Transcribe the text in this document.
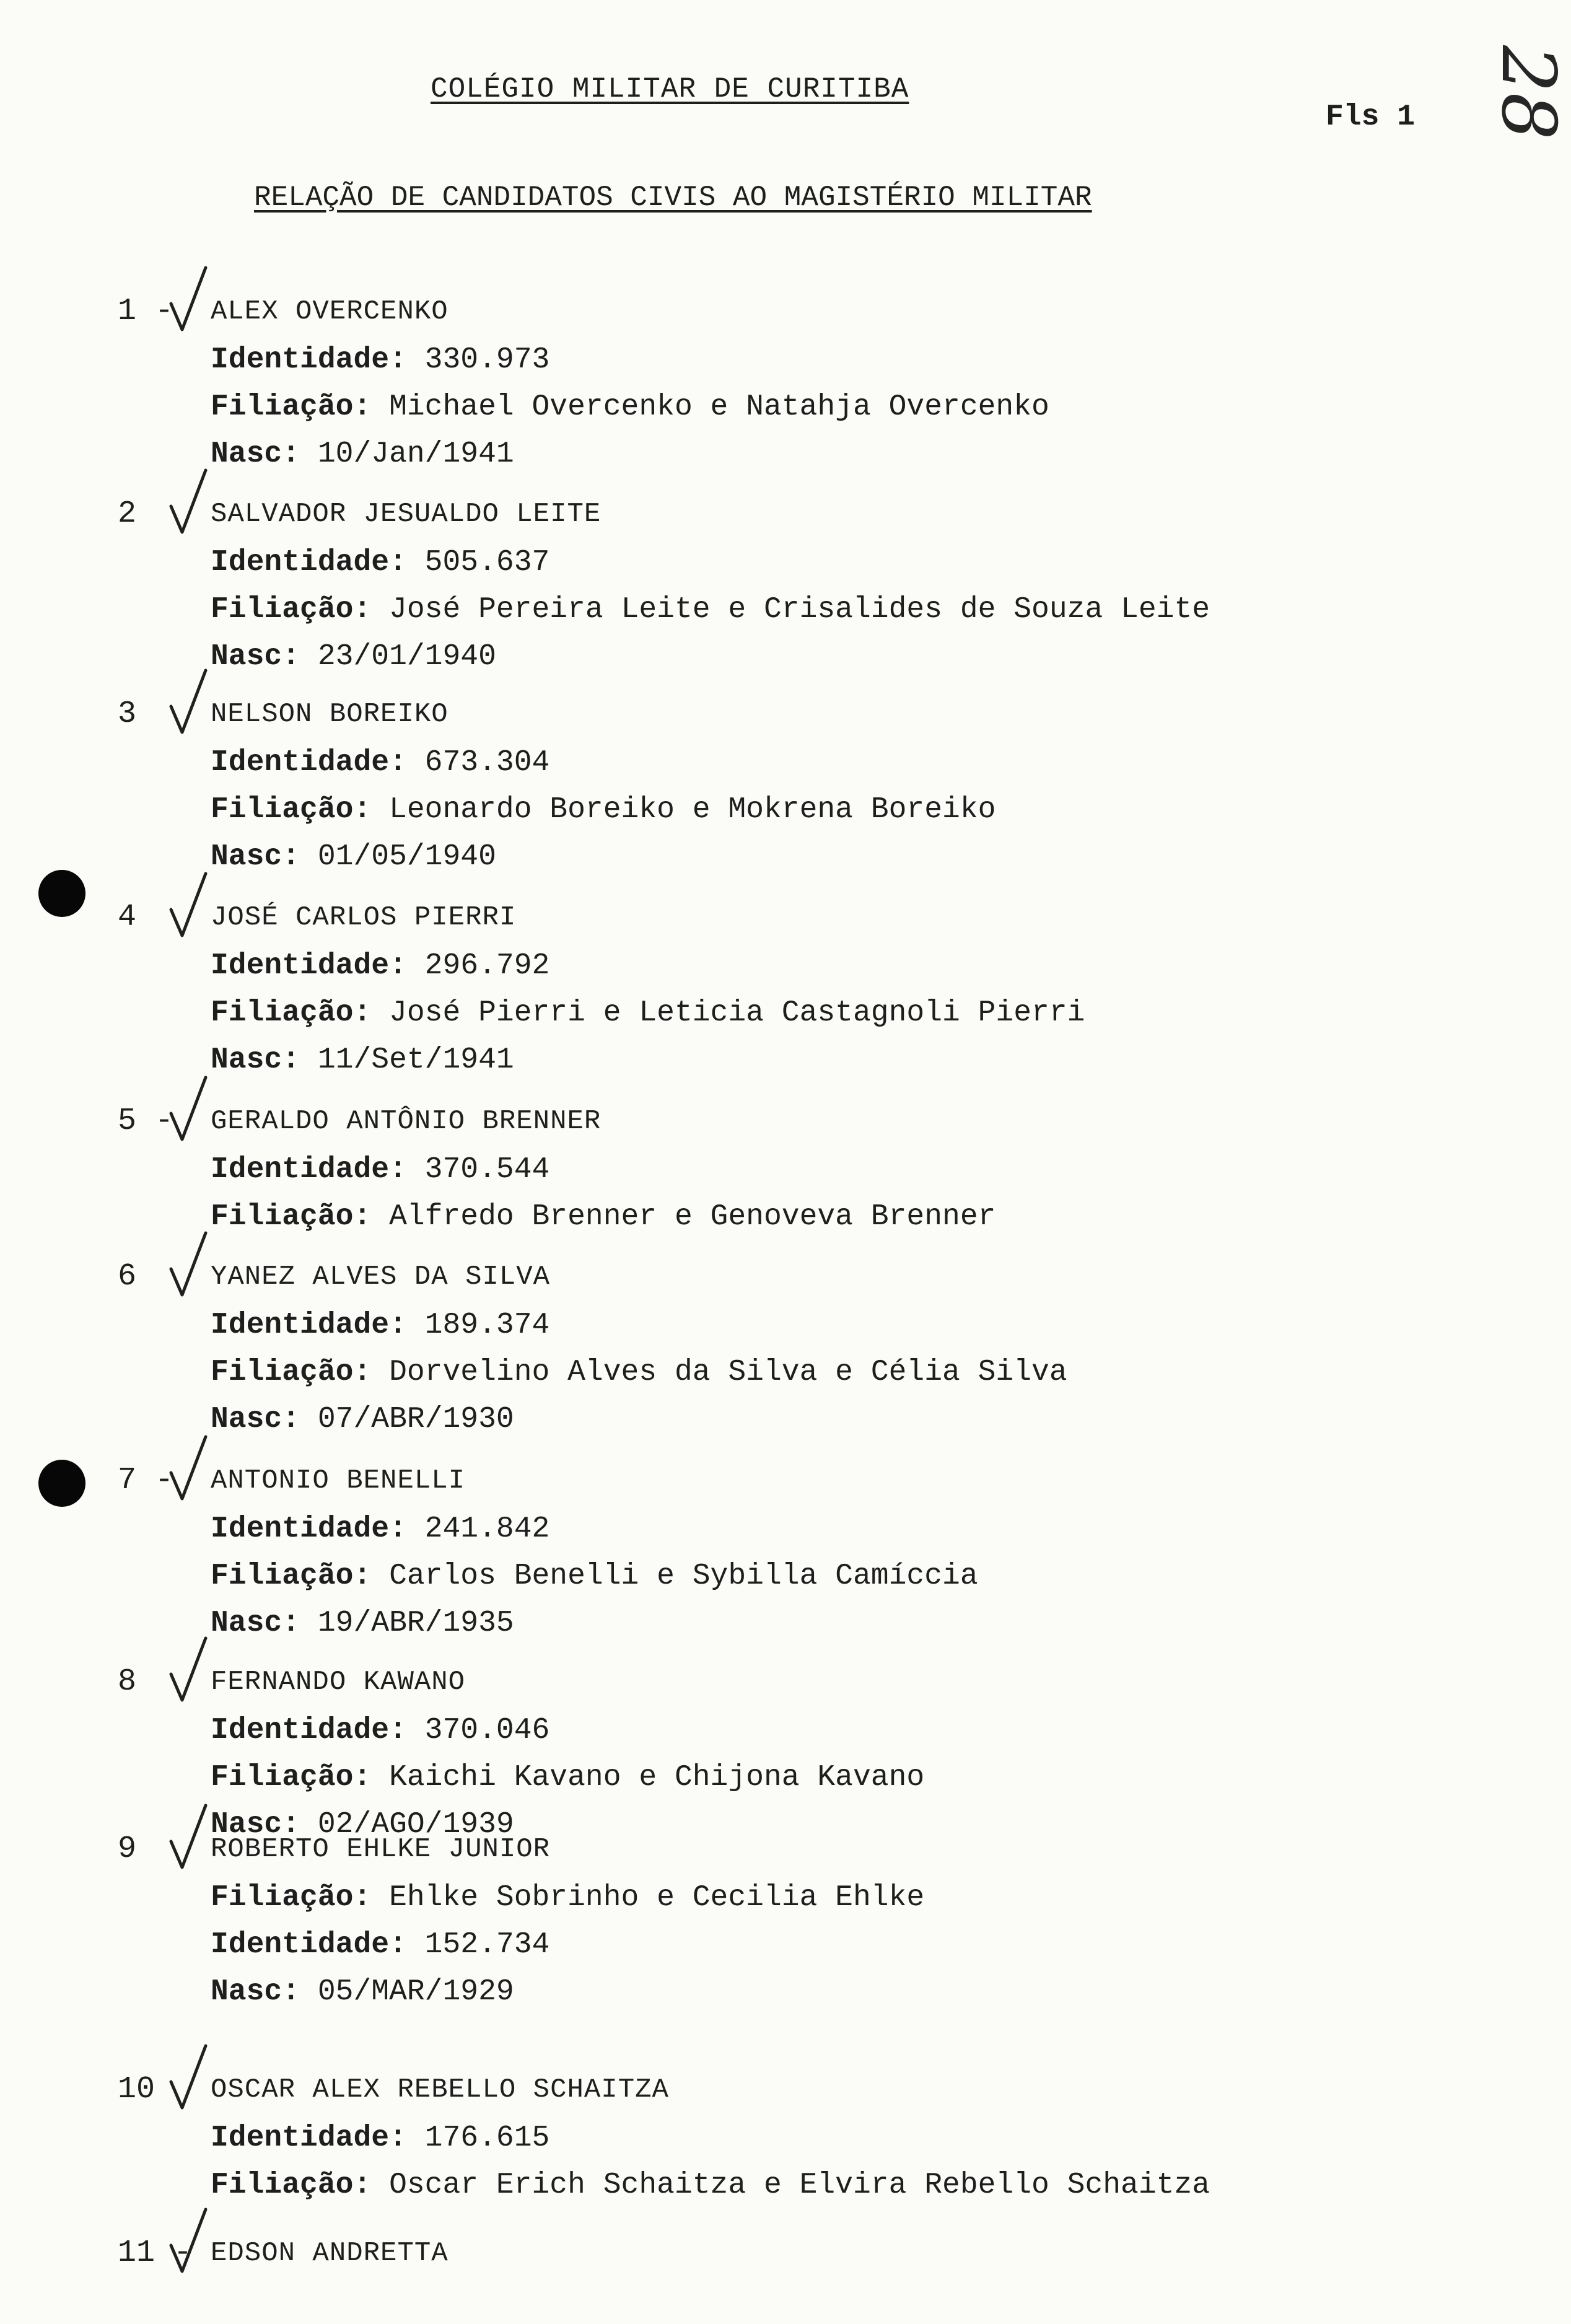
COLÉGIO MILITAR DE CURITIBA
Fls 1 28
RELAÇÃO DE CANDIDATOS CIVIS AO MAGISTÉRIO MILITAR
1 - ALEX OVERCENKO
Identidade: 330.973
Filiação: Michael Overcenko e Natahja Overcenko
Nasc: 10/Jan/1941
2	SALVADOR JESUALDO LEITE
Identidade: 505.637
Filiação: José Pereira Leite e Crisalides de Souza Leite
Nasc: 23/01/1940
3	NELSON BOREIKO
Identidade: 673.304
Filiação: Leonardo Boreiko e Mokrena Boreiko
Nasc: 01/05/1940
4	JOSÉ CARLOS PIERRI
Identidade: 296.792
Filiação: José Pierri e Leticia Castagnoli Pierri
Nasc: 11/Set/1941
5 - GERALDO ANTÔNIO BRENNER
Identidade: 370.544
Filiação: Alfredo Brenner e Genoveva Brenner
6	YANEZ ALVES DA SILVA
Identidade: 189.374
Filiação: Dorvelino Alves da Silva e Célia Silva
Nasc: 07/ABR/1930
7 - ANTONIO BENELLI
Identidade: 241.842
Filiação: Carlos Benelli e Sybilla Camíccia
Nasc: 19/ABR/1935
8	FERNANDO KAWANO
Identidade: 370.046
Filiação: Kaichi Kavano e Chijona Kavano
Nasc: 02/AGO/1939
9	ROBERTO EHLKE JUNIOR
Filiação: Ehlke Sobrinho e Cecilia Ehlke
Identidade: 152.734
Nasc: 05/MAR/1929
10 OSCAR ALEX REBELLO SCHAITZA
Identidade: 176.615
Filiação: Oscar Erich Schaitza e Elvira Rebello Schaitza
11 - EDSON ANDRETTA
